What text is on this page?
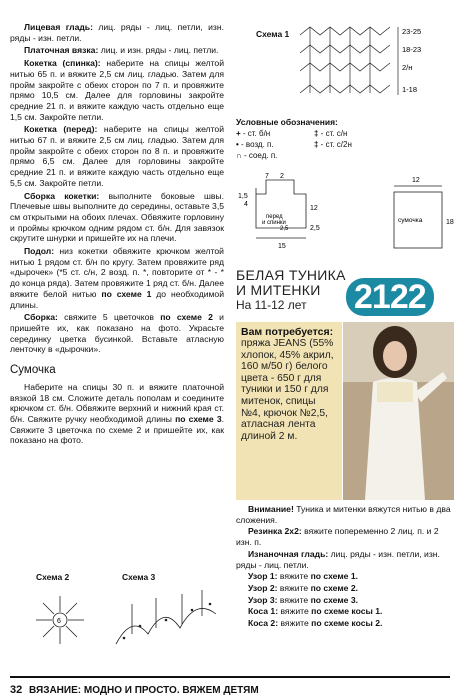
Лицевая гладь: лиц. ряды - лиц. петли, изн. ряды - изн. петли.

Платочная вязка: лиц. и изн. ряды - лиц. петли.

Кокетка (спинка): наберите на спицы желтой нитью 65 п. и вяжите 2,5 см лиц. гладью. Затем для пройм закройте с обеих сторон по 7 п. и провяжите прямо 10,5 см. Далее для горловины закройте средние 21 п. и вяжите каждую часть отдельно еще 1,5 см. Закройте петли.

Кокетка (перед): наберите на спицы желтой нитью 67 п. и вяжите 2,5 см лиц. гладью. Затем для пройм закройте с обеих сторон по 8 п. и провяжите прямо 6,5 см. Далее для горловины закройте средние 21 п. и вяжите каждую часть отдельно еще 5,5 см. Закройте петли.

Сборка кокетки: выполните боковые швы. Плечевые швы выполните до середины, оставьте 3,5 см открытыми на обоих плечах. Обвяжите горловину и проймы крючком одним рядом ст. б/н. Для завязок скрутите шнурки и пришейте их на плечи.

Подол: низ кокетки обвяжите крючком желтой нитью 1 рядом ст. б/н по кругу. Затем провяжите ряд «дырочек» (*5 ст. с/н, 2 возд. п. *, повторите от * - * до конца ряда). Затем провяжите 1 ряд ст. б/н. Далее вяжите белой нитью по схеме 1 до необходимой длины.

Сборка: свяжите 5 цветочков по схеме 2 и пришейте их, как показано на фото. Украсьте серединку цветка бусинкой. Вставьте атласную ленточку в «дырочки».

Сумочка

Наберите на спицы 30 п. и вяжите платочной вязкой 18 см. Сложите деталь пополам и соедините крючком ст. б/н. Обвяжите верхний и нижний края ст. б/н. Свяжите ручку необходимой длины по схеме 3. Свяжите 3 цветочка по схеме 2 и пришейте их, как показано на фото.

Схема 2	Схема 3
6
Схема 1	23-25
18-23
2/н
1-18
Условные обозначения:
+ - ст. б/н	‡ - ст. с/н
• - возд. п.	‡ - ст. с/2н
∩ - соед. п.
7 2
1,5
4
12
2,5
15
12
2,5
перед
и спинки	сумочка	18
БЕЛАЯ ТУНИКА
И МИТЕНКИ
На 11-12 лет	2122
Вам потребуется:
пряжа JEANS (55% хлопок, 45% акрил, 160 м/50 г) белого цвета - 650 г для туники и 150 г для митенок, спицы №4, крючок №2,5, атласная лента длиной 2 м.

Внимание! Туника и митенки вяжутся нитью в два сложения.

Резинка 2х2: вяжите попеременно 2 лиц. п. и 2 изн. п.

Изнаночная гладь: лиц. ряды - изн. петли, изн. ряды - лиц. петли.

Узор 1: вяжите по схеме 1.

Узор 2: вяжите по схеме 2.

Узор 3: вяжите по схеме 3.

Коса 1: вяжите по схеме косы 1.

Коса 2: вяжите по схеме косы 2.

32 ВЯЗАНИЕ: МОДНО И ПРОСТО. ВЯЖЕМ ДЕТЯМ
